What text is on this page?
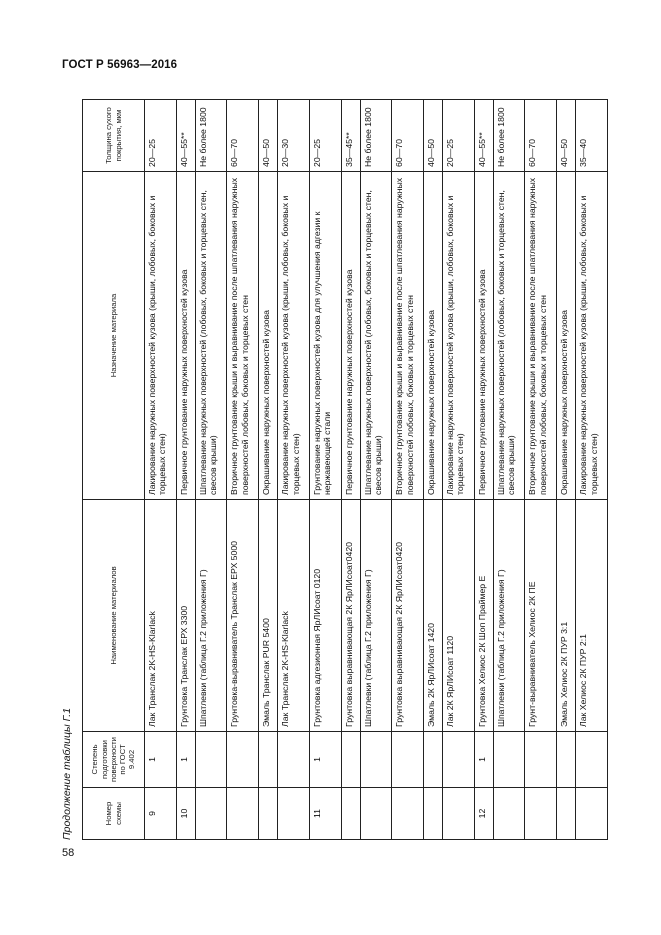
ГОСТ Р 56963—2016
Продолжение таблицы Г.1	Номер схемы	Степень подготовки поверхности по ГОСТ 9.402	Наименование материалов	Назначение материала	Толщина сухого покрытия, мкм
9	1	Лак Транслак 2K-HS-Klarlack	Лакирование наружных поверхностей кузова (крыши, лобовых, боковых и торцевых стен)	20—25
10	1	Грунтовка Транслак ЕРХ 3300	Первичное грунтование наружных поверхностей кузова	40—55**
		Шпатлевки (таблица Г.2 приложения Г)	Шпатлевание наружных поверхностей (лобовых, боковых и торцевых стен, свесов крыши)	Не более 1800
		Грунтовка-выравниватель Транслак ЕРХ 5000	Вторичное грунтование крыши и выравнивание после шпатлевания наружных поверхностей лобовых, боковых и торцевых стен	60—70
		Эмаль Транслак PUR 5400	Окрашивание наружных поверхностей кузова	40—50
		Лак Транслак 2K-HS-Klarlack	Лакирование наружных поверхностей кузова (крыши, лобовых, боковых и торцевых стен)	20—30
11	1	Грунтовка адгезионная ЯрЛИсоат 0120	Грунтование наружных поверхностей кузова для улучшения адгезии к нержавеющей стали	20—25
		Грунтовка выравнивающая 2К ЯрЛИсоат0420	Первичное грунтование наружных поверхностей кузова	35—45**
		Шпатлевки (таблица Г.2 приложения Г)	Шпатлевание наружных поверхностей (лобовых, боковых и торцевых стен, свесов крыши)	Не более 1800
		Грунтовка выравнивающая 2К ЯрЛИсоат0420	Вторичное грунтование крыши и выравнивание после шпатлевания наружных поверхностей лобовых, боковых и торцевых стен	60—70
		Эмаль 2К ЯрЛИсоат 1420	Окрашивание наружных поверхностей кузова	40—50
		Лак 2К ЯрЛИсоат 1120	Лакирование наружных поверхностей кузова (крыши, лобовых, боковых и торцевых стен)	20—25
12	1	Грунтовка Хелиос 2К Шоп Праймер Е	Первичное грунтование наружных поверхностей кузова	40—55**
		Шпатлевки (таблица Г.2 приложения Г)	Шпатлевание наружных поверхностей (лобовых, боковых и торцевых стен, свесов крыши)	Не более 1800
		Грунт-выравниватель Хелиос 2К ПЕ	Вторичное грунтование крыши и выравнивание после шпатлевания наружных поверхностей лобовых, боковых и торцевых стен	60—70
		Эмаль Хелиос 2К ПУР 3:1	Окрашивание наружных поверхностей кузова	40—50
		Лак Хелиос 2К ПУР 2:1	Лакирование наружных поверхностей кузова (крыши, лобовых, боковых и торцевых стен)	35—40
58
